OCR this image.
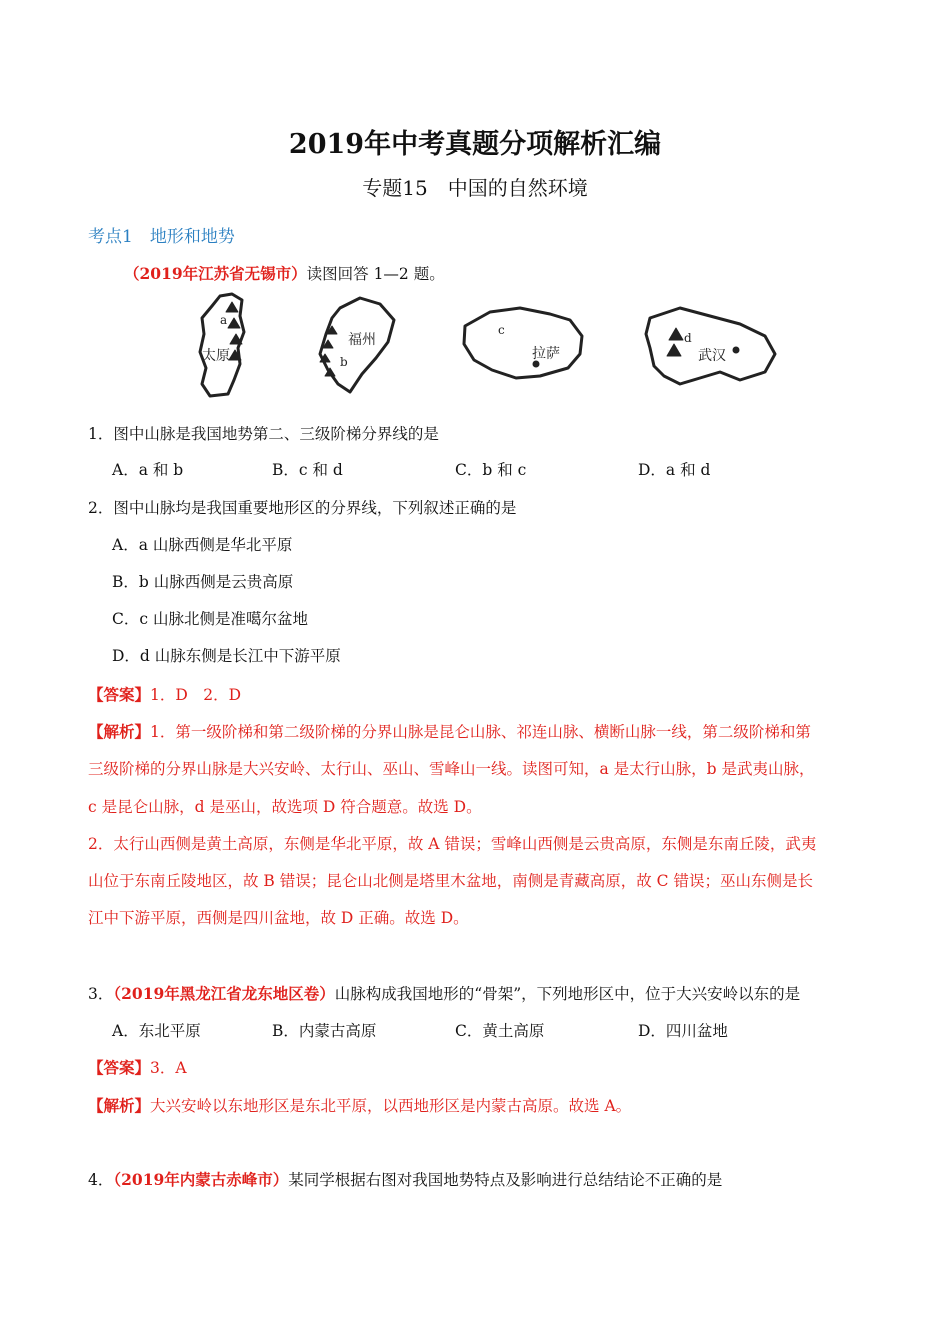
2019年中考真题分项解析汇编
专题15　中国的自然环境
考点1　地形和地势
（2019年江苏省无锡市）读图回答 1—2 题。
a
太原
福州
b
c
拉萨
d
武汉
1．图中山脉是我国地势第二、三级阶梯分界线的是
A．a 和 b	B．c 和 d	C．b 和 c	D．a 和 d
2．图中山脉均是我国重要地形区的分界线，下列叙述正确的是
A．a 山脉西侧是华北平原
B．b 山脉西侧是云贵高原
C．c 山脉北侧是准噶尔盆地
D．d 山脉东侧是长江中下游平原
【答案】1．D　2．D
【解析】1．第一级阶梯和第二级阶梯的分界山脉是昆仑山脉、祁连山脉、横断山脉一线，第二级阶梯和第
三级阶梯的分界山脉是大兴安岭、太行山、巫山、雪峰山一线。读图可知，a 是太行山脉，b 是武夷山脉，
c 是昆仑山脉，d 是巫山，故选项 D 符合题意。故选 D。
2．太行山西侧是黄土高原，东侧是华北平原，故 A 错误；雪峰山西侧是云贵高原，东侧是东南丘陵，武夷
山位于东南丘陵地区，故 B 错误；昆仑山北侧是塔里木盆地，南侧是青藏高原，故 C 错误；巫山东侧是长
江中下游平原，西侧是四川盆地，故 D 正确。故选 D。
3．（2019年黑龙江省龙东地区卷）山脉构成我国地形的“骨架”，下列地形区中，位于大兴安岭以东的是
A．东北平原	B．内蒙古高原	C．黄土高原	D．四川盆地
【答案】3．A
【解析】大兴安岭以东地形区是东北平原，以西地形区是内蒙古高原。故选 A。
4．（2019年内蒙古赤峰市）某同学根据右图对我国地势特点及影响进行总结结论不正确的是
